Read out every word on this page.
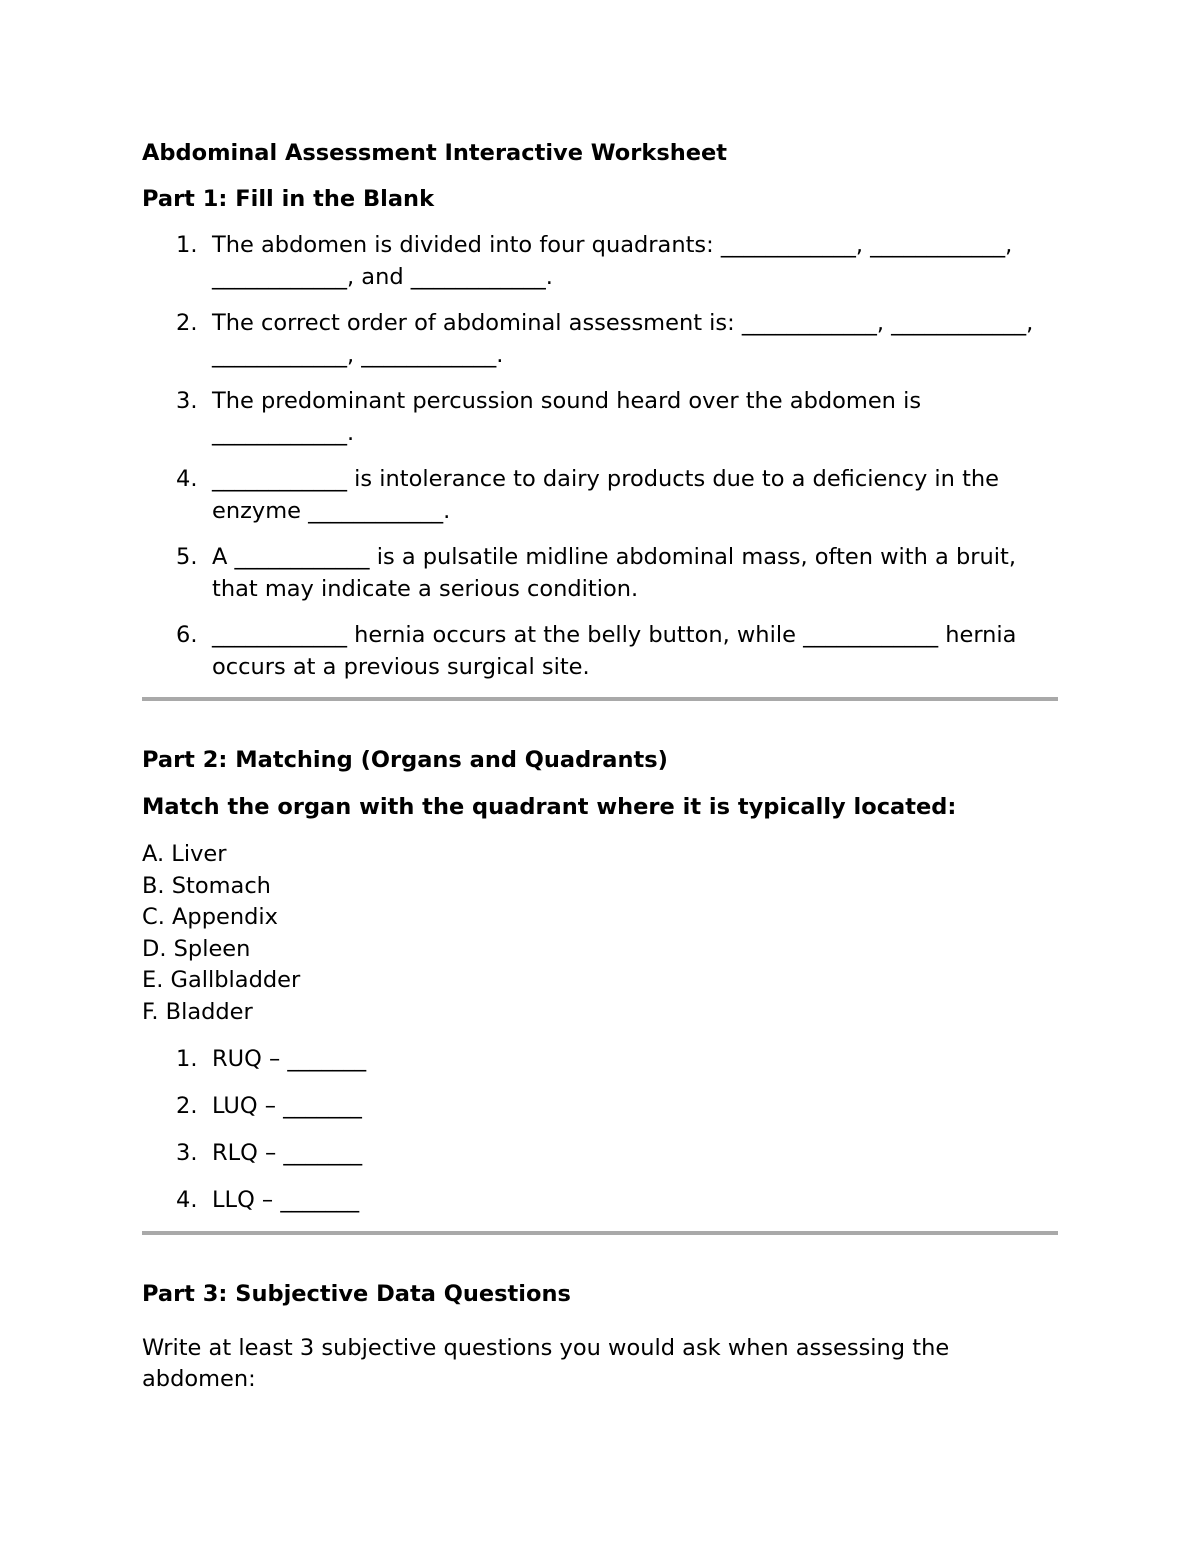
Abdominal Assessment Interactive Worksheet

Part 1: Fill in the Blank

1. The abdomen is divided into four quadrants: ____________, ____________, ____________, and ____________.
2. The correct order of abdominal assessment is: ____________, ____________, ____________, ____________.
3. The predominant percussion sound heard over the abdomen is ____________.
4. ____________ is intolerance to dairy products due to a deficiency in the enzyme ____________.
5. A ____________ is a pulsatile midline abdominal mass, often with a bruit, that may indicate a serious condition.
6. ____________ hernia occurs at the belly button, while ____________ hernia occurs at a previous surgical site.

Part 2: Matching (Organs and Quadrants)

Match the organ with the quadrant where it is typically located:

A. Liver
B. Stomach
C. Appendix
D. Spleen
E. Gallbladder
F. Bladder
1. RUQ – _______
2. LUQ – _______
3. RLQ – _______
4. LLQ – _______

Part 3: Subjective Data Questions

Write at least 3 subjective questions you would ask when assessing the abdomen:
